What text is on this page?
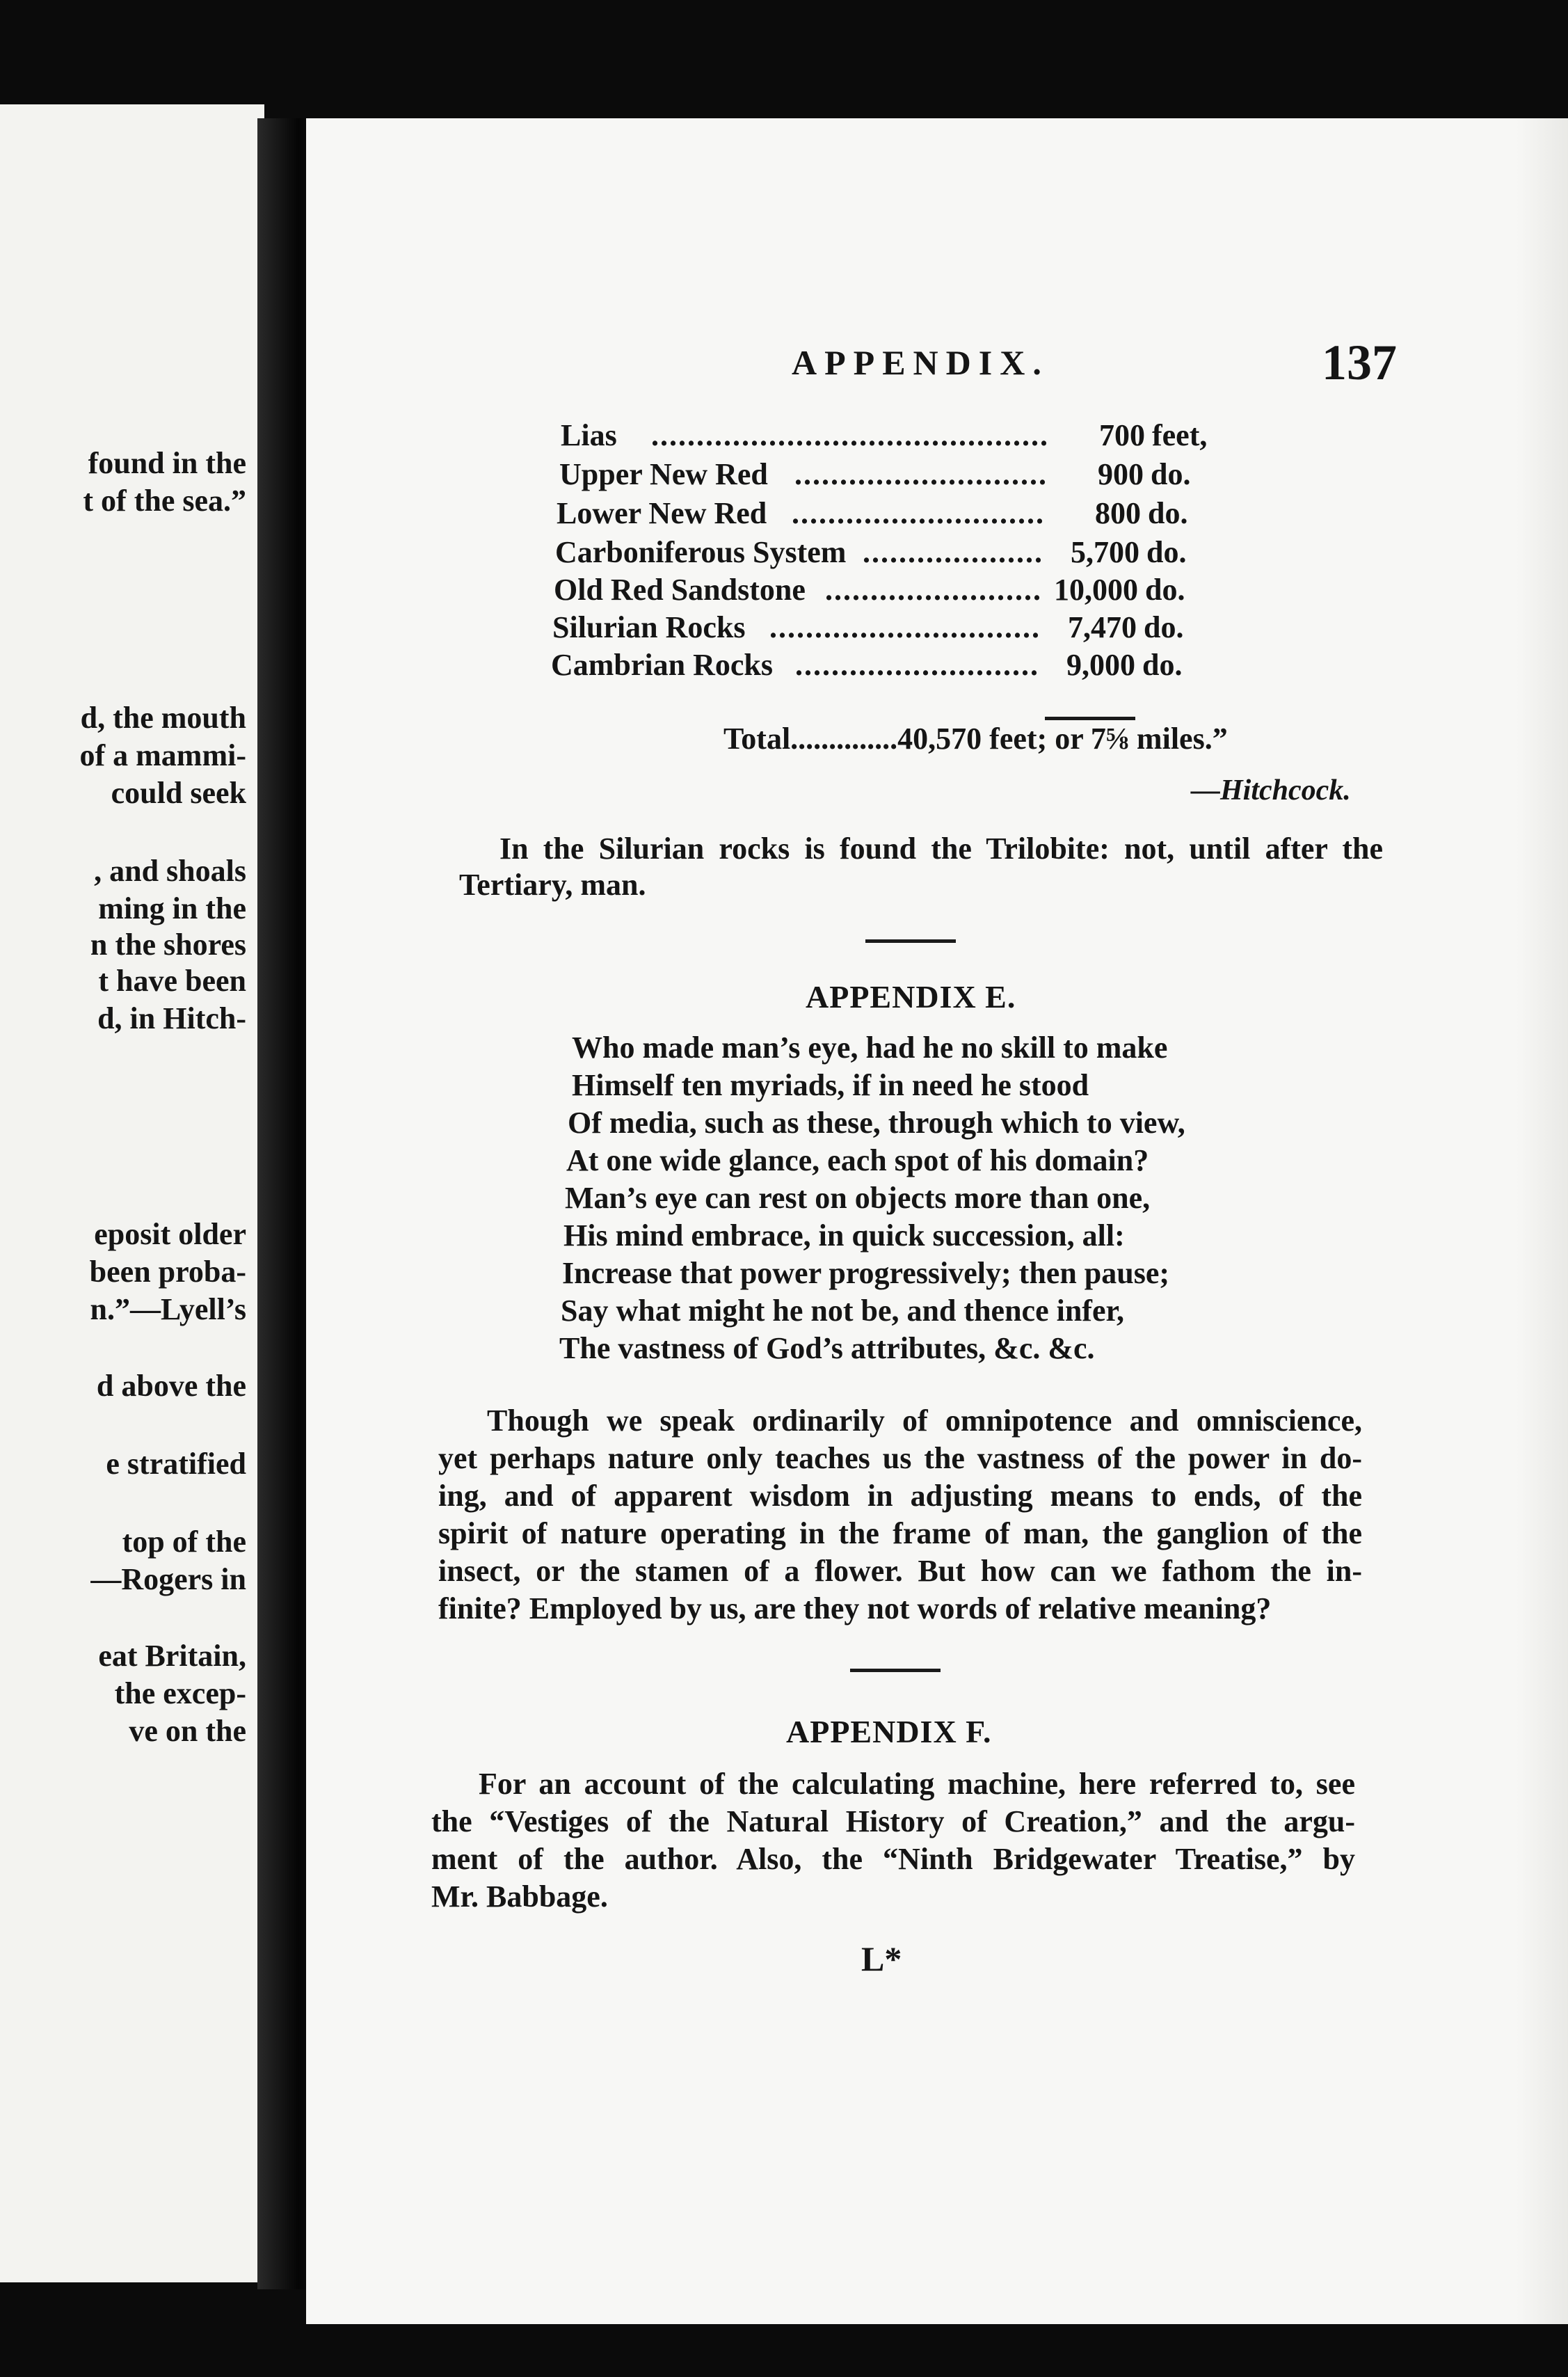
found in the
t of the sea.”
d, the mouth
of a mammi-
could seek
, and shoals
ming in the
n the shores
t have been
d, in Hitch-
eposit older
been proba-
n.”—Lyell’s
d above the
e stratified
top of the
—Rogers in
eat Britain,
the excep-
ve on the
APPENDIX.	137
Lias	............................................ 700 feet,
Upper New Red ............................ 900 do.
Lower New Red ............................ 800 do.
Carboniferous System .................... 5,700 do.
Old Red Sandstone ........................ 10,000 do.
Silurian Rocks .............................. 7,470 do.
Cambrian Rocks ........................... 9,000 do.
Total..............40,570 feet; or 7⅝ miles.”
—Hitchcock.
In the Silurian rocks is found the Trilobite: not, until after the
Tertiary, man.
APPENDIX E.
Who made man’s eye, had he no skill to make
Himself ten myriads, if in need he stood
Of media, such as these, through which to view,
At one wide glance, each spot of his domain?
Man’s eye can rest on objects more than one,
His mind embrace, in quick succession, all:
Increase that power progressively; then pause;
Say what might he not be, and thence infer,
The vastness of God’s attributes, &c. &c.
Though we speak ordinarily of omnipotence and omniscience,
yet perhaps nature only teaches us the vastness of the power in do-
ing, and of apparent wisdom in adjusting means to ends, of the
spirit of nature operating in the frame of man, the ganglion of the
insect, or the stamen of a flower. But how can we fathom the in-
finite? Employed by us, are they not words of relative meaning?
APPENDIX F.
For an account of the calculating machine, here referred to, see
the “Vestiges of the Natural History of Creation,” and the argu-
ment of the author. Also, the “Ninth Bridgewater Treatise,” by
Mr. Babbage.
L*
